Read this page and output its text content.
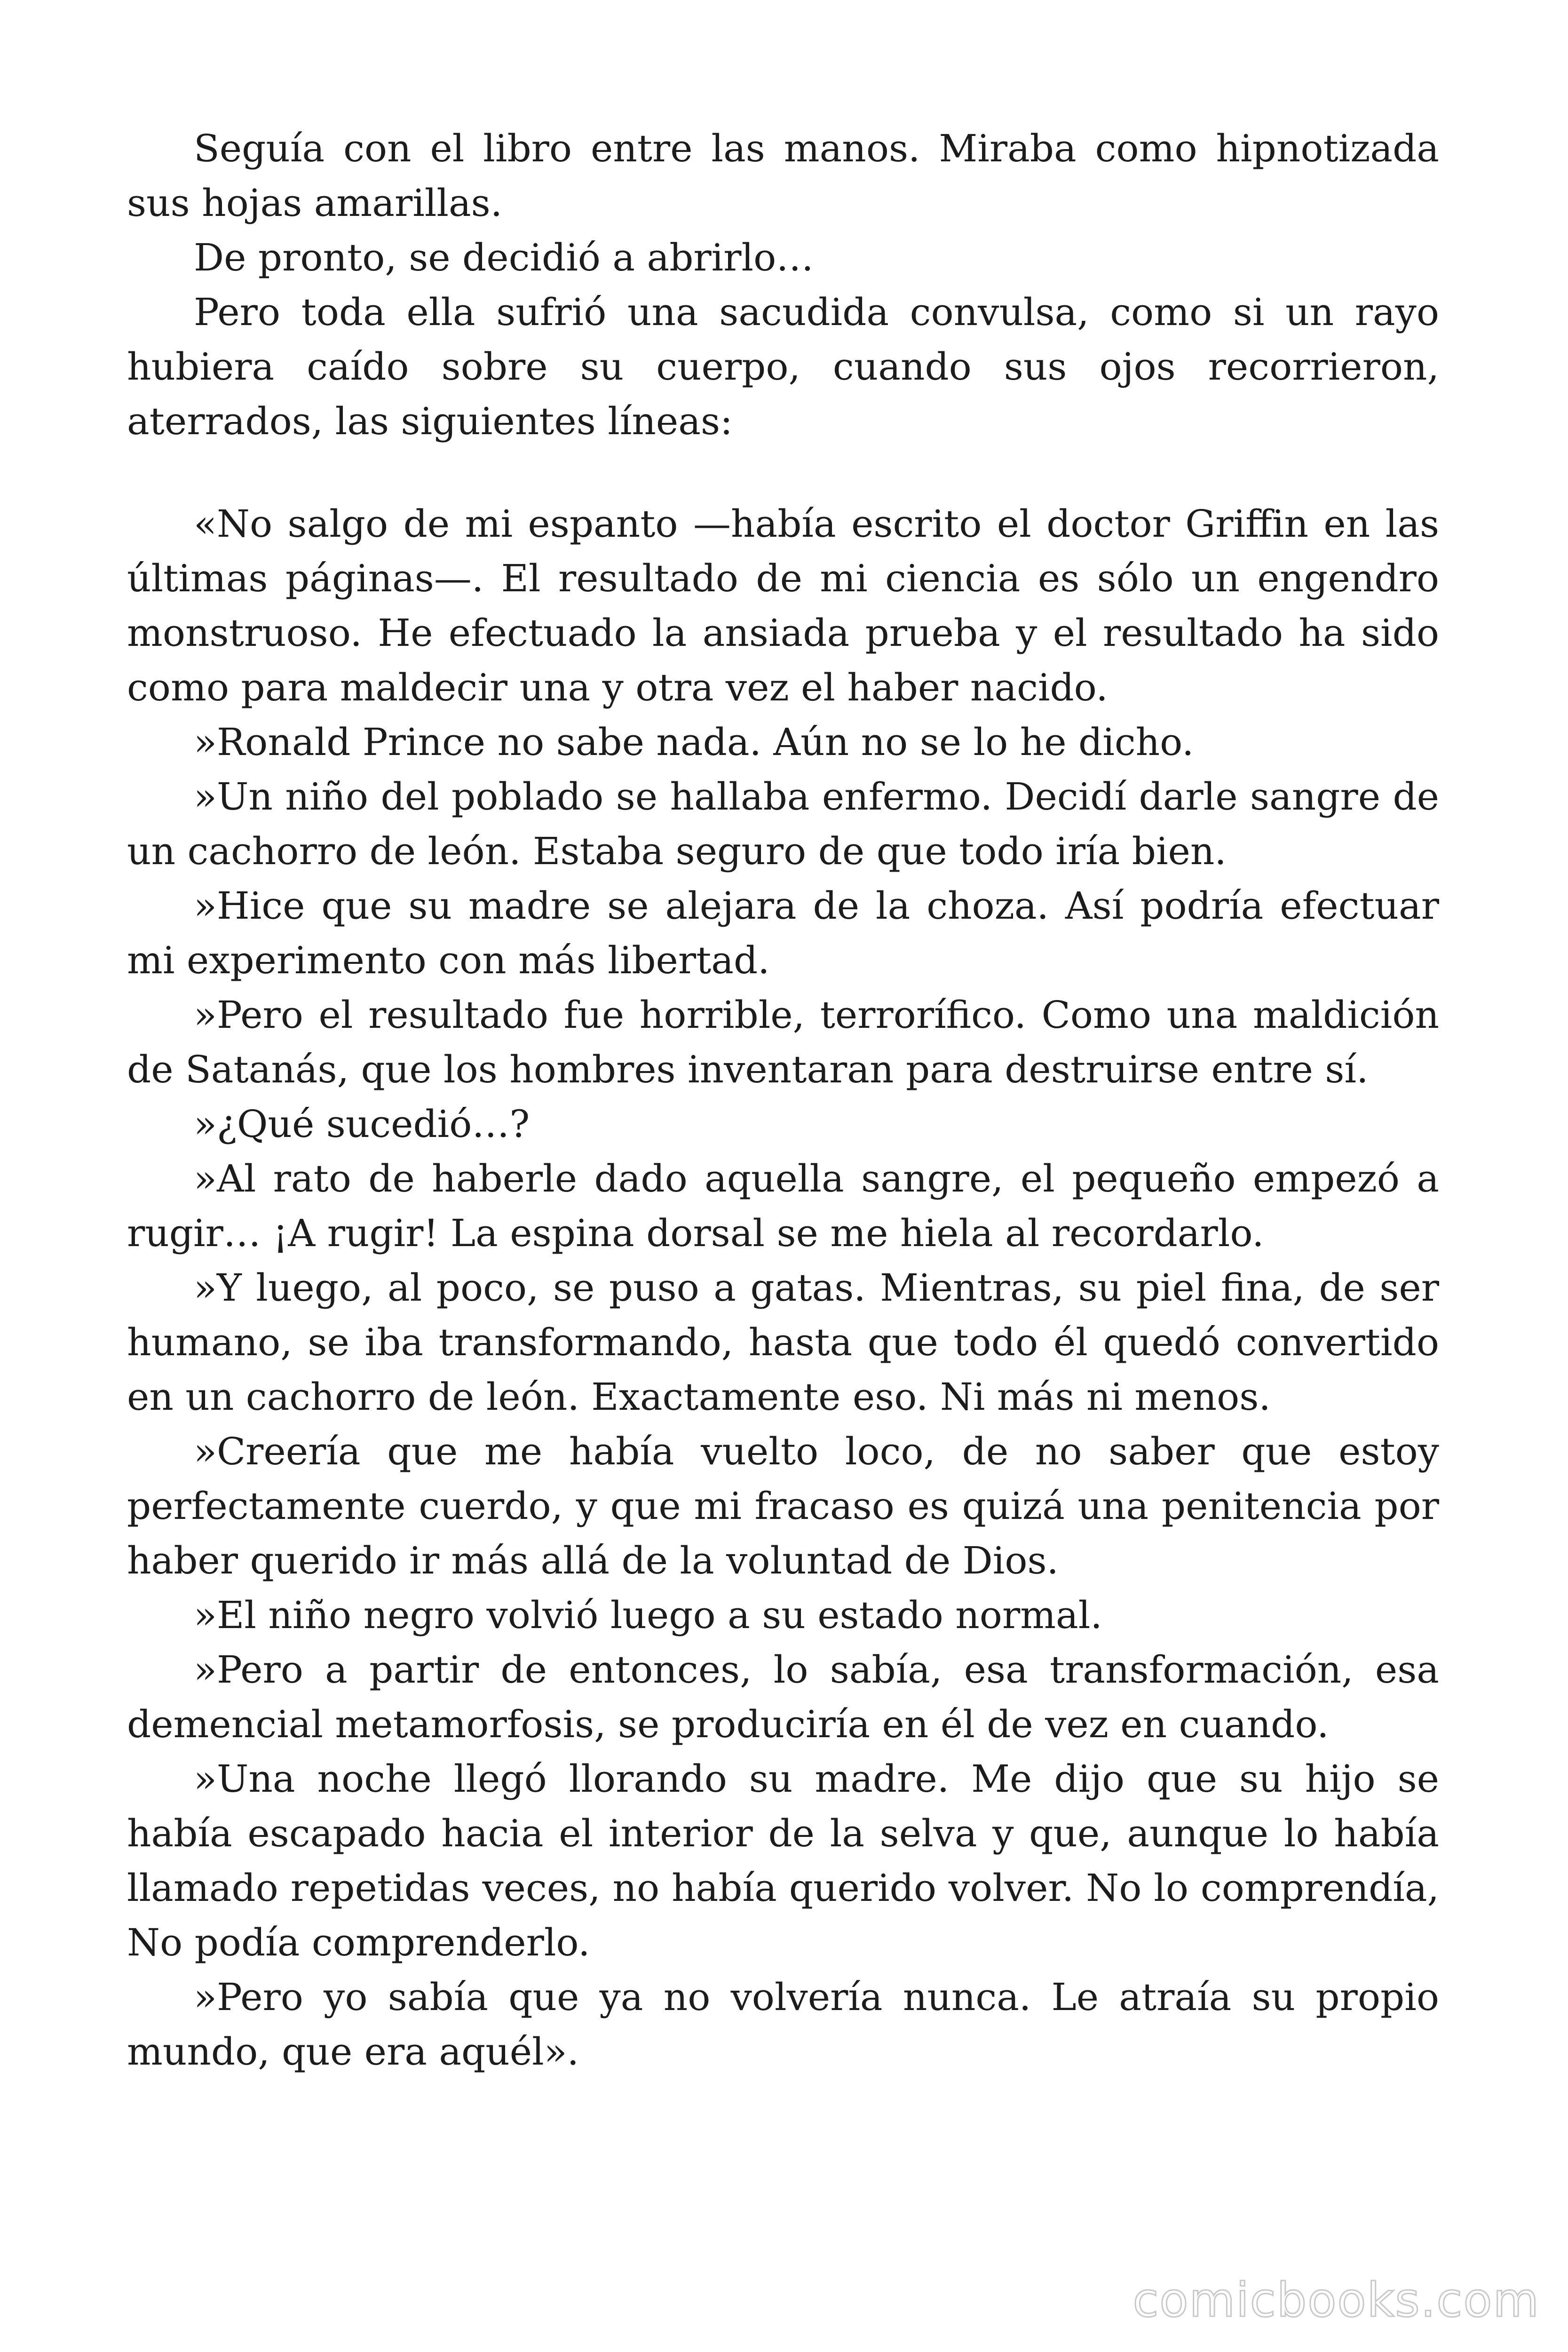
Seguía con el libro entre las manos. Miraba como hipnotizada sus hojas amarillas.

De pronto, se decidió a abrirlo…

Pero toda ella sufrió una sacudida convulsa, como si un rayo hubiera caído sobre su cuerpo, cuando sus ojos recorrieron, aterrados, las siguientes líneas:

«No salgo de mi espanto —había escrito el doctor Griffin en las últimas páginas—. El resultado de mi ciencia es sólo un engendro monstruoso. He efectuado la ansiada prueba y el resultado ha sido como para maldecir una y otra vez el haber nacido.

»Ronald Prince no sabe nada. Aún no se lo he dicho.

»Un niño del poblado se hallaba enfermo. Decidí darle sangre de un cachorro de león. Estaba seguro de que todo iría bien.

»Hice que su madre se alejara de la choza. Así podría efectuar mi experimento con más libertad.

»Pero el resultado fue horrible, terrorífico. Como una maldición de Satanás, que los hombres inventaran para destruirse entre sí.

»¿Qué sucedió…?

»Al rato de haberle dado aquella sangre, el pequeño empezó a rugir… ¡A rugir! La espina dorsal se me hiela al recordarlo.

»Y luego, al poco, se puso a gatas. Mientras, su piel fina, de ser humano, se iba transformando, hasta que todo él quedó convertido en un cachorro de león. Exactamente eso. Ni más ni menos.

»Creería que me había vuelto loco, de no saber que estoy perfectamente cuerdo, y que mi fracaso es quizá una penitencia por haber querido ir más allá de la voluntad de Dios.

»El niño negro volvió luego a su estado normal.

»Pero a partir de entonces, lo sabía, esa transformación, esa demencial metamorfosis, se produciría en él de vez en cuando.

»Una noche llegó llorando su madre. Me dijo que su hijo se había escapado hacia el interior de la selva y que, aunque lo había llamado repetidas veces, no había querido volver. No lo comprendía, No podía comprenderlo.

»Pero yo sabía que ya no volvería nunca. Le atraía su propio mundo, que era aquél».

comicbooks.com
